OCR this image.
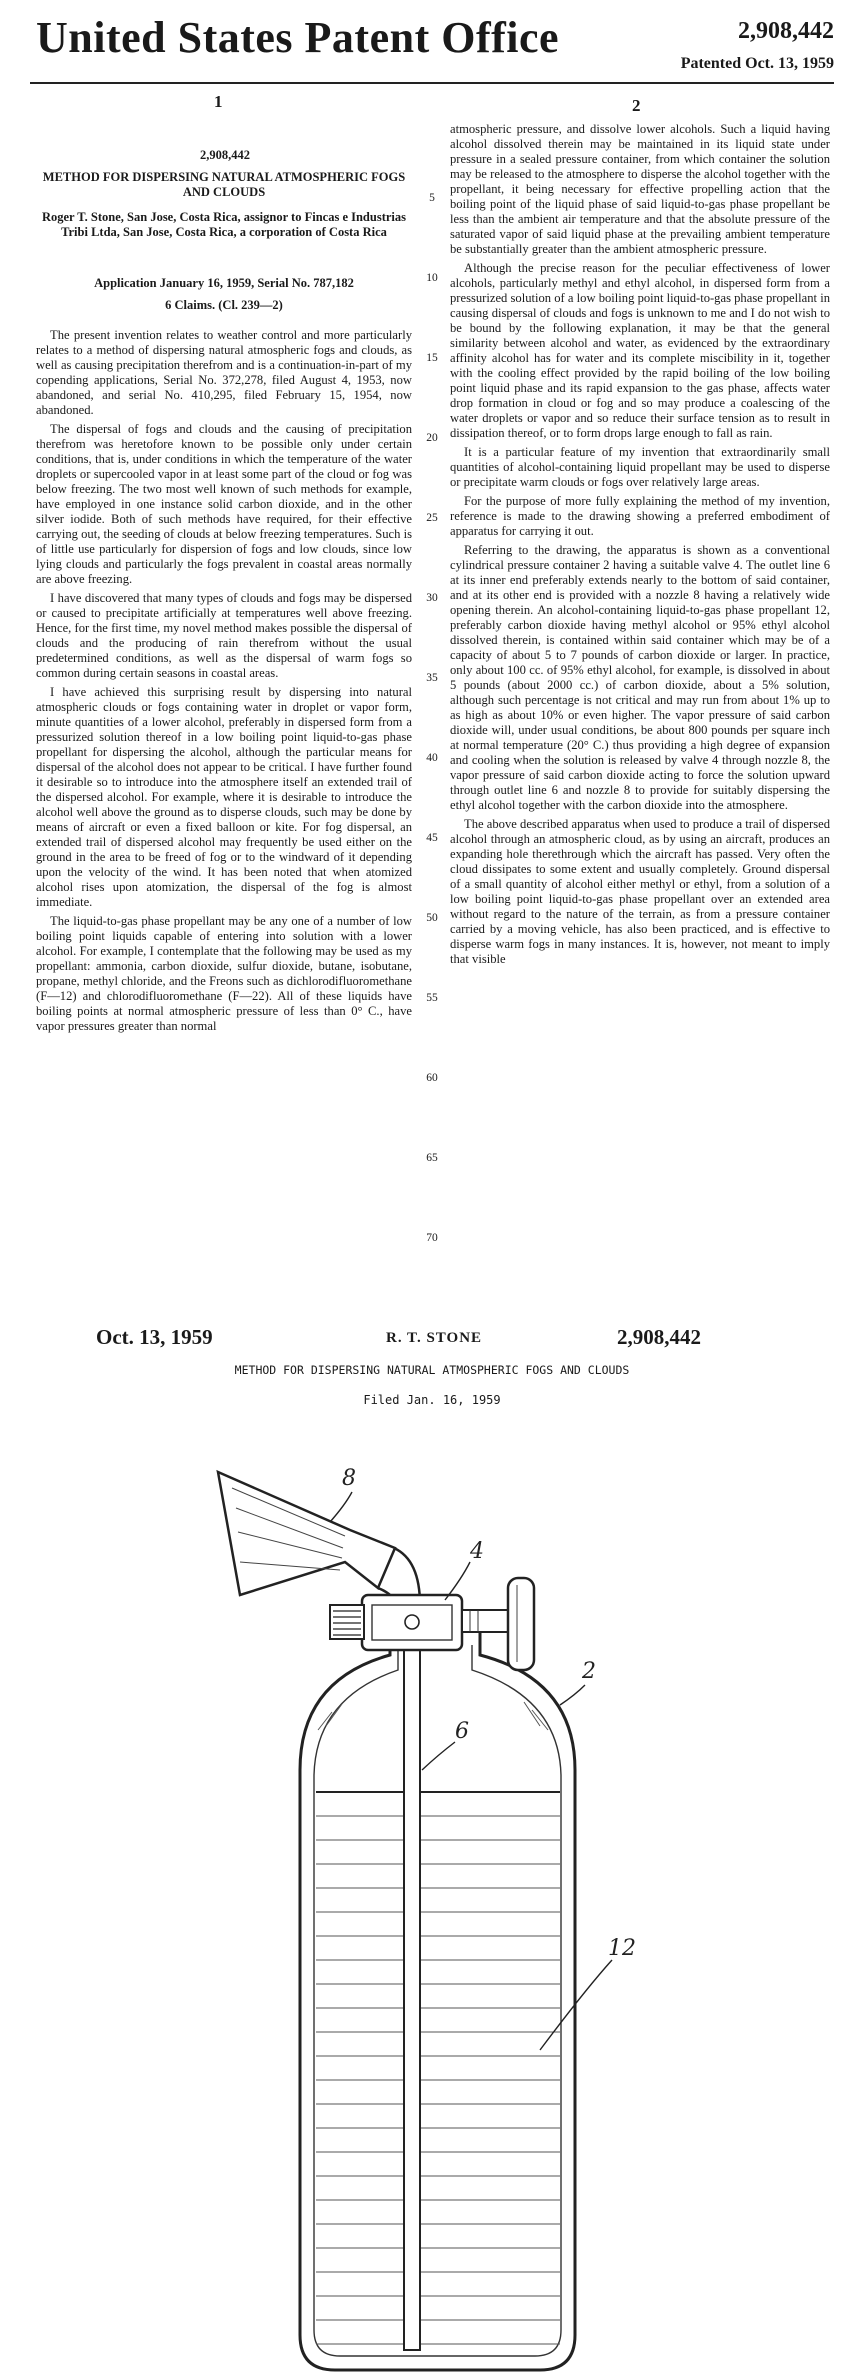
United States Patent Office	2,908,442
Patented Oct. 13, 1959
1	2
2,908,442
METHOD FOR DISPERSING NATURAL ATMOSPHERIC FOGS AND CLOUDS
Roger T. Stone, San Jose, Costa Rica, assignor to Fincas e Industrias Tribi Ltda, San Jose, Costa Rica, a corporation of Costa Rica
Application January 16, 1959, Serial No. 787,182
6 Claims. (Cl. 239—2)

The present invention relates to weather control and more particularly relates to a method of dispersing natural atmospheric fogs and clouds, as well as causing precipitation therefrom and is a continuation-in-part of my copending applications, Serial No. 372,278, filed August 4, 1953, now abandoned, and serial No. 410,295, filed February 15, 1954, now abandoned.

The dispersal of fogs and clouds and the causing of precipitation therefrom was heretofore known to be possible only under certain conditions, that is, under conditions in which the temperature of the water droplets or supercooled vapor in at least some part of the cloud or fog was below freezing. The two most well known of such methods for example, have employed in one instance solid carbon dioxide, and in the other silver iodide. Both of such methods have required, for their effective carrying out, the seeding of clouds at below freezing temperatures. Such is of little use particularly for dispersion of fogs and low clouds, since low lying clouds and particularly the fogs prevalent in coastal areas normally are above freezing.

I have discovered that many types of clouds and fogs may be dispersed or caused to precipitate artificially at temperatures well above freezing. Hence, for the first time, my novel method makes possible the dispersal of clouds and the producing of rain therefrom without the usual predetermined conditions, as well as the dispersal of warm fogs so common during certain seasons in coastal areas.

I have achieved this surprising result by dispersing into natural atmospheric clouds or fogs containing water in droplet or vapor form, minute quantities of a lower alcohol, preferably in dispersed form from a pressurized solution thereof in a low boiling point liquid-to-gas phase propellant for dispersing the alcohol, although the particular means for dispersal of the alcohol does not appear to be critical. I have further found it desirable so to introduce into the atmosphere itself an extended trail of the dispersed alcohol. For example, where it is desirable to introduce the alcohol well above the ground as to disperse clouds, such may be done by means of aircraft or even a fixed balloon or kite. For fog dispersal, an extended trail of dispersed alcohol may frequently be used either on the ground in the area to be freed of fog or to the windward of it depending upon the velocity of the wind. It has been noted that when atomized alcohol rises upon atomization, the dispersal of the fog is almost immediate.

The liquid-to-gas phase propellant may be any one of a number of low boiling point liquids capable of entering into solution with a lower alcohol. For example, I contemplate that the following may be used as my propellant: ammonia, carbon dioxide, sulfur dioxide, butane, isobutane, propane, methyl chloride, and the Freons such as dichlorodifluoromethane (F—12) and chlorodifluoromethane (F—22). All of these liquids have boiling points at normal atmospheric pressure of less than 0° C., have vapor pressures greater than normal

5
10
15
20
25
30
35
40
45
50
55
60
65
70

atmospheric pressure, and dissolve lower alcohols. Such a liquid having alcohol dissolved therein may be maintained in its liquid state under pressure in a sealed pressure container, from which container the solution may be released to the atmosphere to disperse the alcohol together with the propellant, it being necessary for effective propelling action that the boiling point of the liquid phase of said liquid-to-gas phase propellant be less than the ambient air temperature and that the absolute pressure of the saturated vapor of said liquid phase at the prevailing ambient temperature be substantially greater than the ambient atmospheric pressure.

Although the precise reason for the peculiar effectiveness of lower alcohols, particularly methyl and ethyl alcohol, in dispersed form from a pressurized solution of a low boiling point liquid-to-gas phase propellant in causing dispersal of clouds and fogs is unknown to me and I do not wish to be bound by the following explanation, it may be that the general similarity between alcohol and water, as evidenced by the extraordinary affinity alcohol has for water and its complete miscibility in it, together with the cooling effect provided by the rapid boiling of the low boiling point liquid phase and its rapid expansion to the gas phase, affects water drop formation in cloud or fog and so may produce a coalescing of the water droplets or vapor and so reduce their surface tension as to result in dissipation thereof, or to form drops large enough to fall as rain.

It is a particular feature of my invention that extraordinarily small quantities of alcohol-containing liquid propellant may be used to disperse or precipitate warm clouds or fogs over relatively large areas.

For the purpose of more fully explaining the method of my invention, reference is made to the drawing showing a preferred embodiment of apparatus for carrying it out.

Referring to the drawing, the apparatus is shown as a conventional cylindrical pressure container 2 having a suitable valve 4. The outlet line 6 at its inner end preferably extends nearly to the bottom of said container, and at its other end is provided with a nozzle 8 having a relatively wide opening therein. An alcohol-containing liquid-to-gas phase propellant 12, preferably carbon dioxide having methyl alcohol or 95% ethyl alcohol dissolved therein, is contained within said container which may be of a capacity of about 5 to 7 pounds of carbon dioxide or larger. In practice, only about 100 cc. of 95% ethyl alcohol, for example, is dissolved in about 5 pounds (about 2000 cc.) of carbon dioxide, about a 5% solution, although such percentage is not critical and may run from about 1% up to as high as about 10% or even higher. The vapor pressure of said carbon dioxide will, under usual conditions, be about 800 pounds per square inch at normal temperature (20° C.) thus providing a high degree of expansion and cooling when the solution is released by valve 4 through nozzle 8, the vapor pressure of said carbon dioxide acting to force the solution upward through outlet line 6 and nozzle 8 to provide for suitably dispersing the ethyl alcohol together with the carbon dioxide into the atmosphere.

The above described apparatus when used to produce a trail of dispersed alcohol through an atmospheric cloud, as by using an aircraft, produces an expanding hole therethrough which the aircraft has passed. Very often the cloud dissipates to some extent and usually completely. Ground dispersal of a small quantity of alcohol either methyl or ethyl, from a solution of a low boiling point liquid-to-gas phase propellant over an extended area without regard to the nature of the terrain, as from a pressure container carried by a moving vehicle, has also been practiced, and is effective to disperse warm fogs in many instances. It is, however, not meant to imply that visible

Oct. 13, 1959	R. T. STONE	2,908,442
METHOD FOR DISPERSING NATURAL ATMOSPHERIC FOGS AND CLOUDS
Filed Jan. 16, 1959
8
4
2
6
12
